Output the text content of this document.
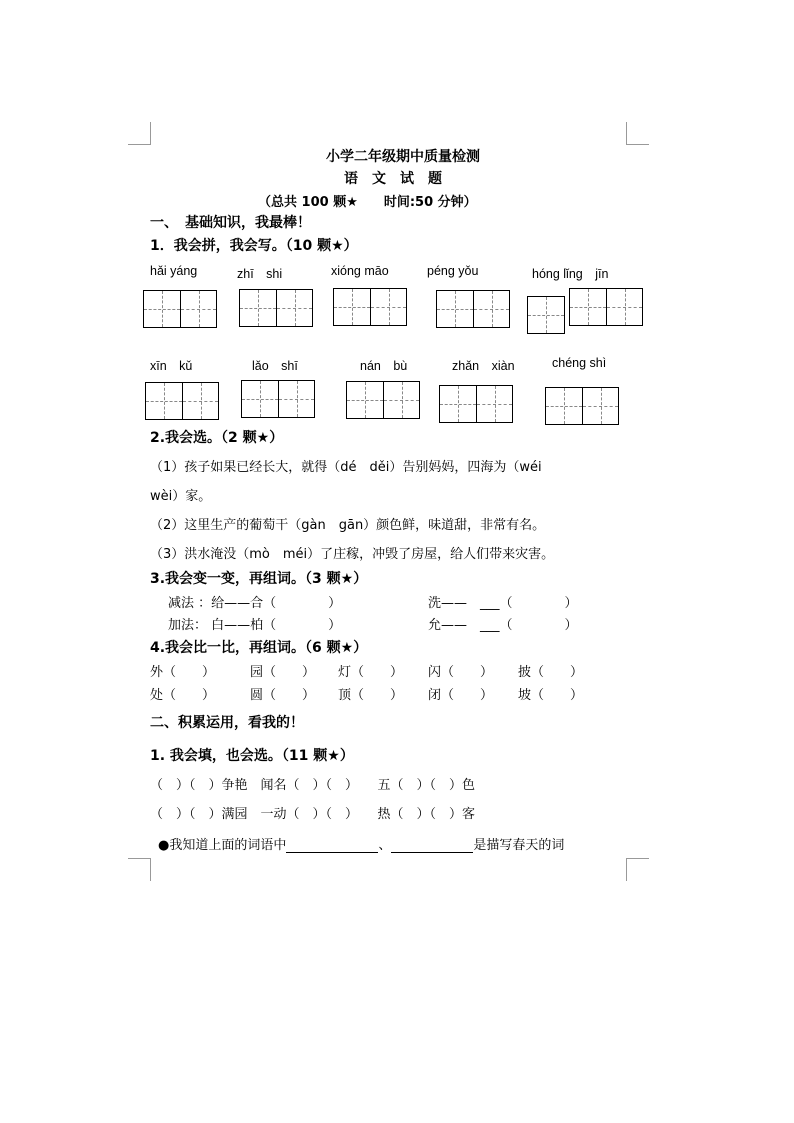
小学二年级期中质量检测
语　文　试　题
（总共 100 颗★　　时间:50 分钟）
一、　基础知识，我最棒！
1．我会拼，我会写。（10 颗★）
hǎi yáng	zhī　shi	xióng māo	péng yǒu	hóng lǐng　jīn
xīn　kǔ	lǎo　shī	nán　bù	zhǎn　xiàn	chéng shì
2.我会选。（2 颗★）
（1）孩子如果已经长大，就得（dé　děi）告别妈妈，四海为（wéi
wèi）家。
（2）这里生产的葡萄干（gàn　gān）颜色鲜，味道甜，非常有名。
（3）洪水淹没（mò　méi）了庄稼，冲毁了房屋，给人们带来灾害。
3.我会变一变，再组词。（3 颗★）
减法 ：给——合（　　　　）	洗——　___（　　　　）
加法： 白——柏（　　　　）	允——　___（　　　　）
4.我会比一比，再组词。（6 颗★）
外（　　）	园（　　） 灯（　　） 闪（　　） 披（　　）
处（　　）	圆（　　） 顶（　　） 闭（　　） 坡（　　）
二、积累运用，看我的！
1. 我会填，也会选。（11 颗★）
（　）（　）争艳　闻名（　）（　）　　五（　）（　）色
（　）（　）满园　一动（　）（　）　　热（　）（　）客
●我知道上面的词语中	、	是描写春天的词
